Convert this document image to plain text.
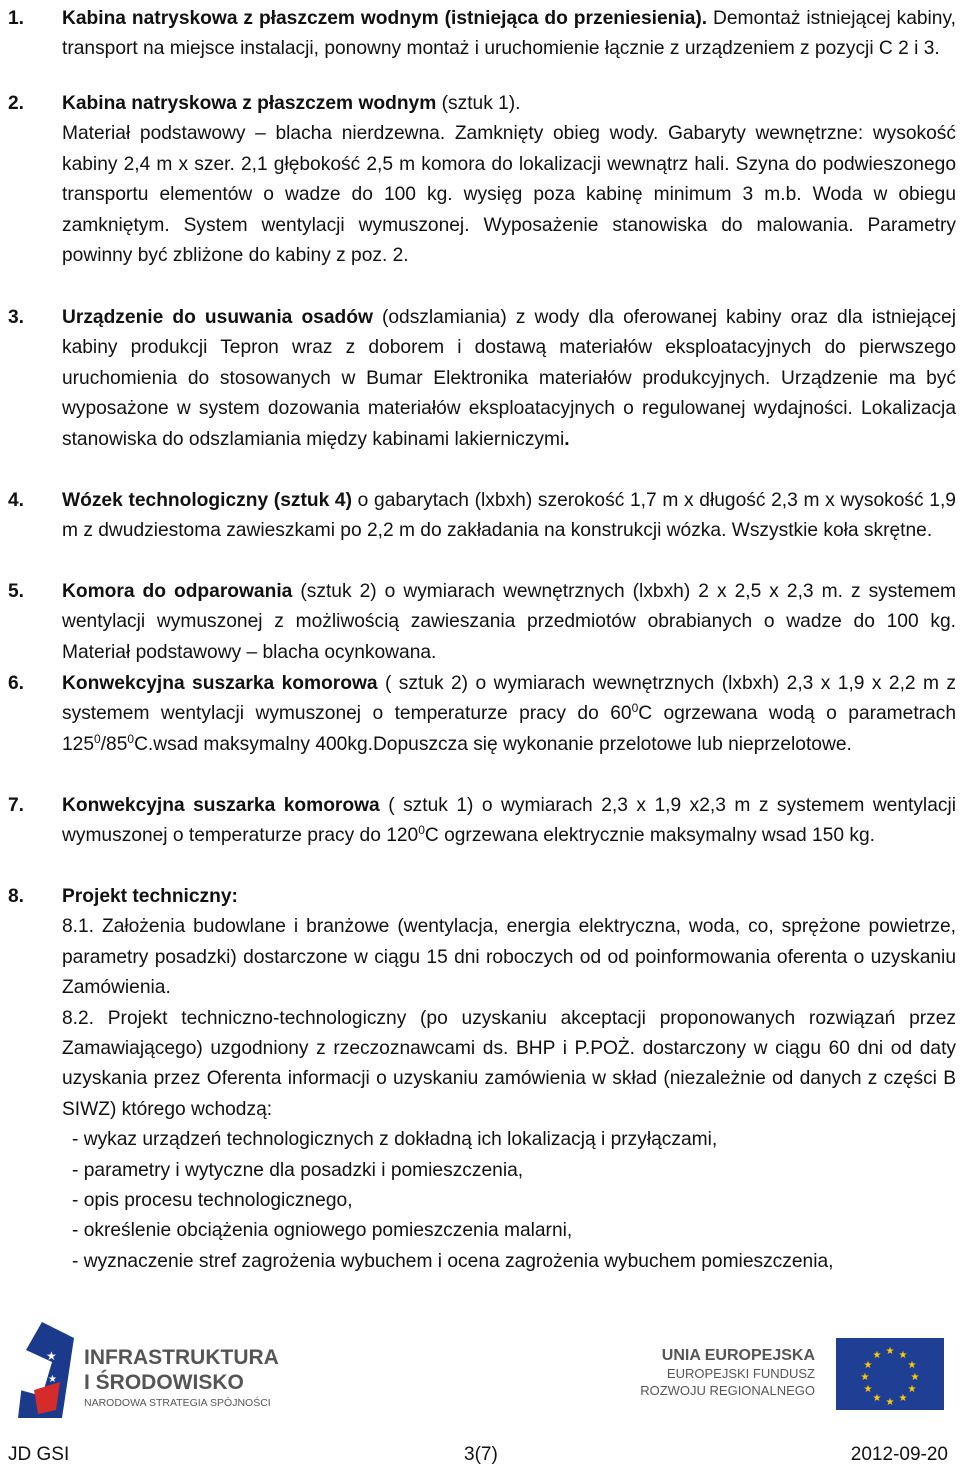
1. Kabina natryskowa z płaszczem wodnym (istniejąca do przeniesienia). Demontaż istniejącej kabiny, transport na miejsce instalacji, ponowny montaż i uruchomienie łącznie z urządzeniem z pozycji C 2 i 3.
2. Kabina natryskowa z płaszczem wodnym (sztuk 1).
Materiał podstawowy – blacha nierdzewna. Zamknięty obieg wody. Gabaryty wewnętrzne: wysokość kabiny 2,4 m x szer. 2,1 głębokość 2,5 m komora do lokalizacji wewnątrz hali. Szyna do podwieszonego transportu elementów o wadze do 100 kg. wysięg poza kabinę minimum 3 m.b. Woda w obiegu zamkniętym. System wentylacji wymuszonej. Wyposażenie stanowiska do malowania. Parametry powinny być zbliżone do kabiny z poz. 2.
3. Urządzenie do usuwania osadów (odszlamiania) z wody dla oferowanej kabiny oraz dla istniejącej kabiny produkcji Tepron wraz z doborem i dostawą materiałów eksploatacyjnych do pierwszego uruchomienia do stosowanych w Bumar Elektronika materiałów produkcyjnych. Urządzenie ma być wyposażone w system dozowania materiałów eksploatacyjnych o regulowanej wydajności. Lokalizacja stanowiska do odszlamiania między kabinami lakierniczymi.
4. Wózek technologiczny (sztuk 4) o gabarytach (lxbxh) szerokość 1,7 m x długość 2,3 m x wysokość 1,9 m z dwudziestoma zawieszkami po 2,2 m do zakładania na konstrukcji wózka. Wszystkie koła skrętne.
5. Komora do odparowania (sztuk 2) o wymiarach wewnętrznych (lxbxh) 2 x 2,5 x 2,3 m. z systemem wentylacji wymuszonej z możliwością zawieszania przedmiotów obrabianych o wadze do 100 kg. Materiał podstawowy – blacha ocynkowana.
6. Konwekcyjna suszarka komorowa ( sztuk 2) o wymiarach wewnętrznych (lxbxh) 2,3 x 1,9 x 2,2 m z systemem wentylacji wymuszonej o temperaturze pracy do $60^0C$ ogrzewana wodą o parametrach $125^0/85^0C.wsad$ maksymalny 400kg.Dopuszcza się wykonanie przelotowe lub nieprzelotowe.
7. Konwekcyjna suszarka komorowa ( sztuk 1) o wymiarach 2,3 x 1,9 x2,3 m z systemem wentylacji wymuszonej o temperaturze pracy do $120^0C$ ogrzewana elektrycznie maksymalny wsad 150 kg.
8. Projekt techniczny:
8.1. Założenia budowlane i branżowe (wentylacja, energia elektryczna, woda, co, sprężone powietrze, parametry posadzki) dostarczone w ciągu 15 dni roboczych od od poinformowania oferenta o uzyskaniu Zamówienia.
8.2. Projekt techniczno-technologiczny (po uzyskaniu akceptacji proponowanych rozwiązań przez Zamawiającego) uzgodniony z rzeczoznawcami ds. BHP i P.POŻ. dostarczony w ciągu 60 dni od daty uzyskania przez Oferenta informacji o uzyskaniu zamówienia w skład (niezależnie od danych z części B SIWZ) którego wchodzą:
- wykaz urządzeń technologicznych z dokładną ich lokalizacją i przyłączami,
- parametry i wytyczne dla posadzki i pomieszczenia,
- opis procesu technologicznego,
- określenie obciążenia ogniowego pomieszczenia malarni,
- wyznaczenie stref zagrożenia wybuchem i ocena zagrożenia wybuchem pomieszczenia,
★
★
INFRASTRUKTURA
I ŚRODOWISKO
NARODOWA STRATEGIA SPÓJNOŚCI
UNIA EUROPEJSKA
EUROPEJSKI FUNDUSZ
ROZWOJU REGIONALNEGO
★ ★
★
★
★
★
★
★
★
★
★
★
JD GSI	3(7)	2012-09-20
